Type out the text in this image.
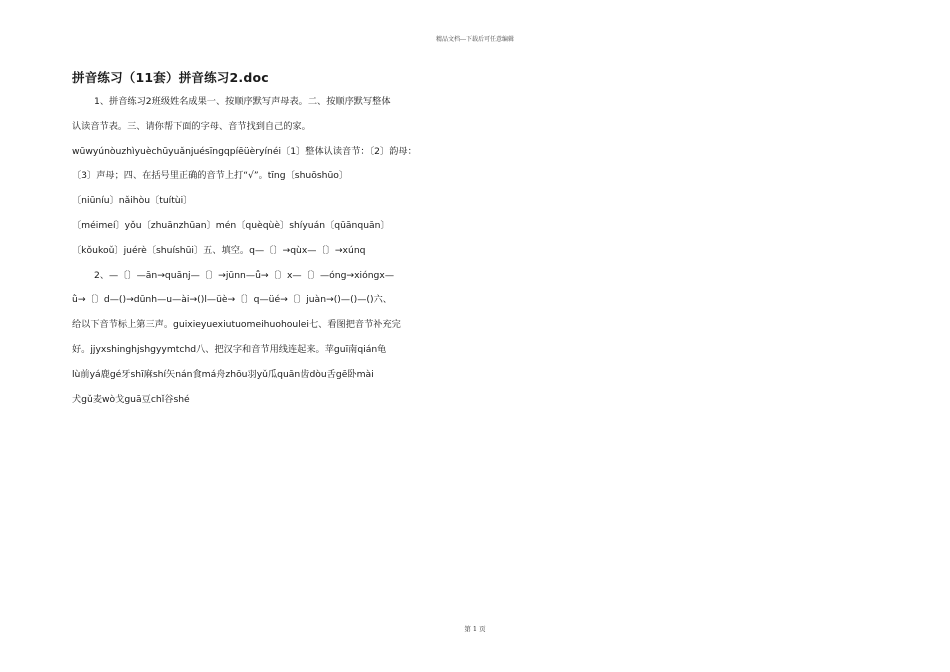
精品文档---下载后可任意编辑
拼音练习（11套）拼音练习2.doc
1、拼音练习2班级姓名成果一、按顺序默写声母表。二、按顺序默写整体
认读音节表。三、请你帮下面的字母、音节找到自己的家。
wūwyúnòuzhìyuèchūyuǎnjuésīngqpíēüèryínéi〔1〕整体认读音节：〔2〕韵母：
〔3〕声母；四、在括号里正确的音节上打“√”。tīng〔shuōshūo〕
〔niūníu〕nǎihòu〔tuítùi〕
〔méimeí〕yǒu〔zhuānzhūan〕mén〔quèqùè〕shíyuán〔qūānquān〕
〔kǒukoǔ〕juérè〔shuíshūi〕五、填空。q—〔〕→qùx—〔〕→xúnq
2、—〔〕—ān→quānj—〔〕→jūnn—ǚ→〔〕x—〔〕—óng→xióngx—
ǜ→〔〕d—()→dūnh—u—ài→()l—üè→〔〕q—üé→〔〕juàn→()—()—()六、
给以下音节标上第三声。guixieyuexiutuomeihuohoulei七、看图把音节补充完
好。jjyxshinghjshgyymtchd八、把汉字和音节用线连起来。苹guī南qián龟
lù前yá鹿gé牙shī麻shí矢nán食má舟zhōu羽yǔ瓜quān齿dòu舌gē卧mài
犬gǔ麦wò戈guā豆chǐ谷shé
第 1 页
